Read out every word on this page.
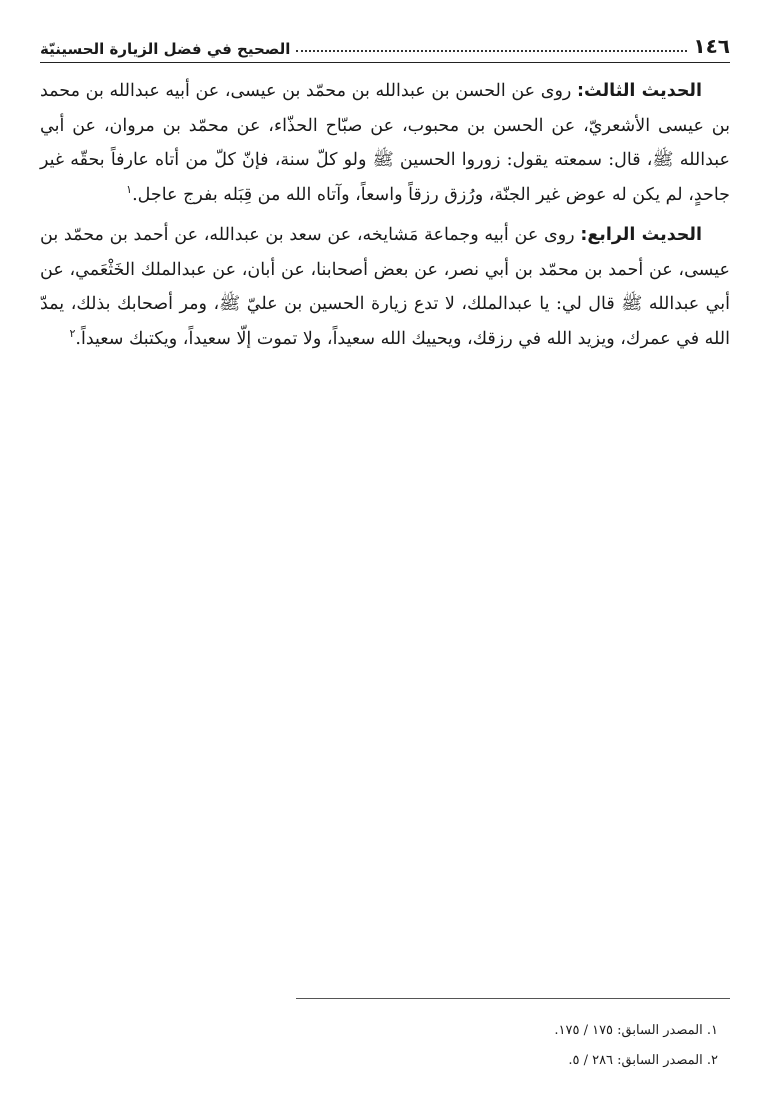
١٤٦
الصحيح في فضل الزيارة الحسينيّة

الحديث الثالث: روى عن الحسن بن عبدالله بن محمّد بن عيسى، عن أبيه عبدالله بن محمد بن عيسى الأشعريّ، عن الحسن بن محبوب، عن صبّاح الحذّاء، عن محمّد بن مروان، عن أبي عبدالله ﷺ، قال: سمعته يقول: زوروا الحسين ﷺ ولو كلّ سنة، فإنّ كلّ من أتاه عارفاً بحقّه غير جاحدٍ، لم يكن له عوض غير الجنّة، ورُزق رزقاً واسعاً، وآتاه الله من قِبَله بفرج عاجل.$^١$

الحديث الرابع: روى عن أبيه وجماعة مَشايخه، عن سعد بن عبدالله، عن أحمد بن محمّد بن عيسى، عن أحمد بن محمّد بن أبي نصر، عن بعض أصحابنا، عن أبان، عن عبدالملك الخَثْعَمي، عن أبي عبدالله ﷺ قال لي: يا عبدالملك، لا تدع زيارة الحسين بن عليّ ﷺ، ومر أصحابك بذلك، يمدّ الله في عمرك، ويزيد الله في رزقك، ويحييك الله سعيداً، ولا تموت إلّا سعيداً، ويكتبك سعيداً.$^٢$

١. المصدر السابق: ١٧٥ / ١٧٥.

٢. المصدر السابق: ٢٨٦ / ٥.
